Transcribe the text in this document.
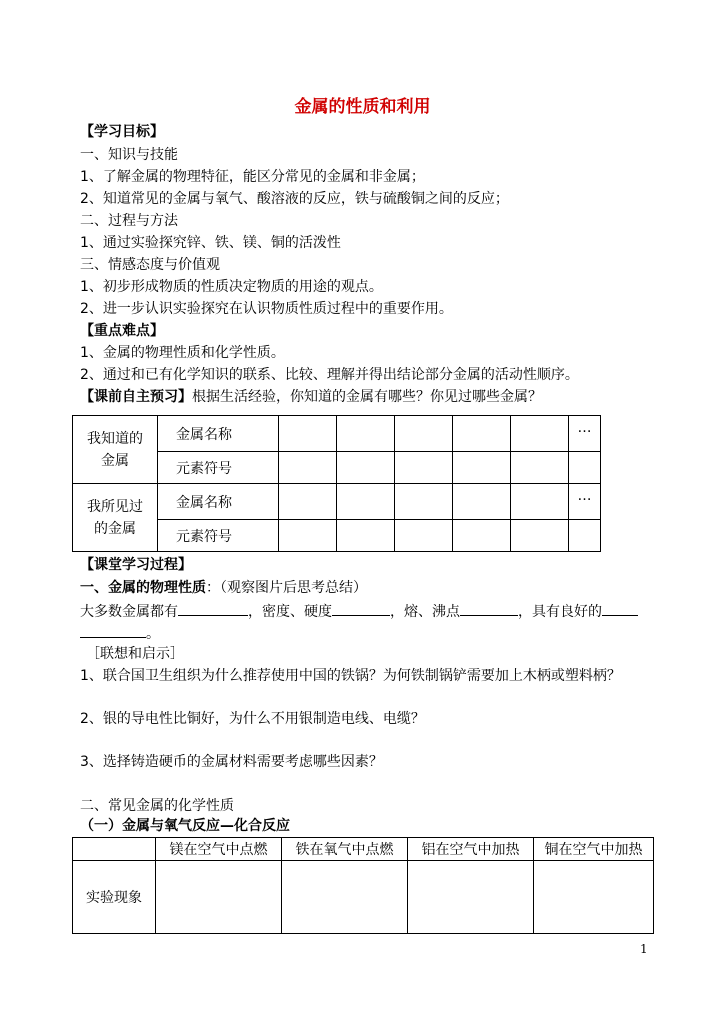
金属的性质和利用
【学习目标】
一、知识与技能
1、了解金属的物理特征，能区分常见的金属和非金属；
2、知道常见的金属与氧气、酸溶液的反应，铁与硫酸铜之间的反应；
二、过程与方法
1、通过实验探究锌、铁、镁、铜的活泼性
三、情感态度与价值观
1、初步形成物质的性质决定物质的用途的观点。
2、进一步认识实验探究在认识物质性质过程中的重要作用。
【重点难点】
1、金属的物理性质和化学性质。
2、通过和已有化学知识的联系、比较、理解并得出结论部分金属的活动性顺序。
【课前自主预习】根据生活经验，你知道的金属有哪些？你见过哪些金属？
我知道的金属	金属名称						…
	元素符号						

我所见过的金属	金属名称						…
	元素符号						
【课堂学习过程】
一、金属的物理性质：（观察图片后思考总结）
大多数金属都有	，密度、硬度	，熔、沸点	，具有良好的
。
［联想和启示］
1、联合国卫生组织为什么推荐使用中国的铁锅？为何铁制锅铲需要加上木柄或塑料柄？
2、银的导电性比铜好，为什么不用银制造电线、电缆？
3、选择铸造硬币的金属材料需要考虑哪些因素？
二、常见金属的化学性质
（一）金属与氧气反应—化合反应
	镁在空气中点燃	铁在氧气中点燃	铝在空气中加热	铜在空气中加热
实验现象				
1
